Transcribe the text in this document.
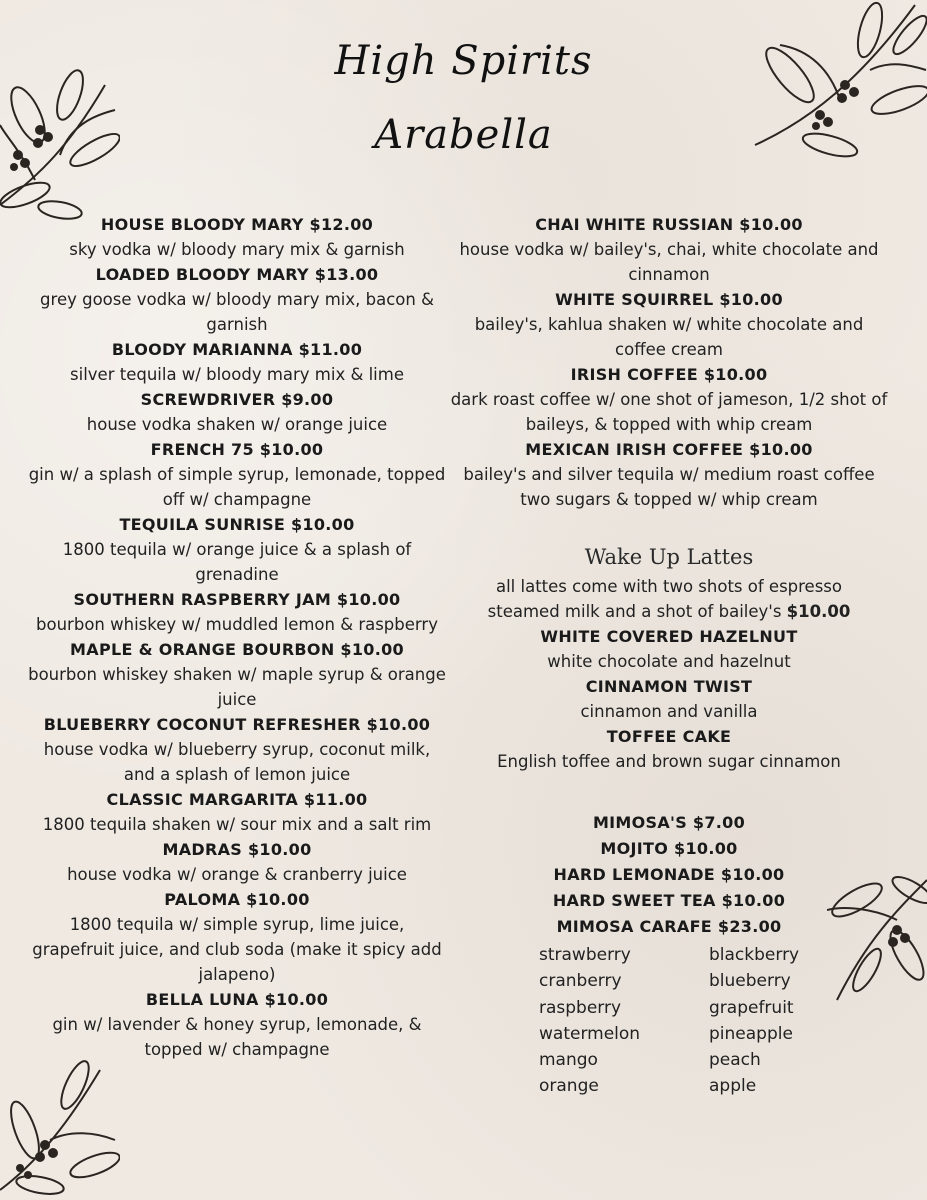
High Spirits
Arabella
HOUSE BLOODY MARY $12.00
sky vodka w/ bloody mary mix & garnish
LOADED BLOODY MARY $13.00
grey goose vodka w/ bloody mary mix, bacon & garnish
BLOODY MARIANNA $11.00
silver tequila w/ bloody mary mix & lime
SCREWDRIVER $9.00
house vodka shaken w/ orange juice
FRENCH 75 $10.00
gin w/ a splash of simple syrup, lemonade, topped off w/ champagne
TEQUILA SUNRISE $10.00
1800 tequila w/ orange juice & a splash of grenadine
SOUTHERN RASPBERRY JAM $10.00
bourbon whiskey w/ muddled lemon & raspberry
MAPLE & ORANGE BOURBON $10.00
bourbon whiskey shaken w/ maple syrup & orange juice
BLUEBERRY COCONUT REFRESHER $10.00
house vodka w/ blueberry syrup, coconut milk, and a splash of lemon juice
CLASSIC MARGARITA $11.00
1800 tequila shaken w/ sour mix and a salt rim
MADRAS $10.00
house vodka w/ orange & cranberry juice
PALOMA $10.00
1800 tequila w/ simple syrup, lime juice, grapefruit juice, and club soda (make it spicy add jalapeno)
BELLA LUNA $10.00
gin w/ lavender & honey syrup, lemonade, & topped w/ champagne
CHAI WHITE RUSSIAN $10.00
house vodka w/ bailey's, chai, white chocolate and cinnamon
WHITE SQUIRREL $10.00
bailey's, kahlua shaken w/ white chocolate and coffee cream
IRISH COFFEE $10.00
dark roast coffee w/ one shot of jameson, 1/2 shot of baileys, & topped with whip cream
MEXICAN IRISH COFFEE $10.00
bailey's and silver tequila w/ medium roast coffee two sugars & topped w/ whip cream
Wake Up Lattes
all lattes come with two shots of espresso
steamed milk and a shot of bailey's $10.00
WHITE COVERED HAZELNUT
white chocolate and hazelnut
CINNAMON TWIST
cinnamon and vanilla
TOFFEE CAKE
English toffee and brown sugar cinnamon
MIMOSA'S $7.00
MOJITO $10.00
HARD LEMONADE $10.00
HARD SWEET TEA $10.00
MIMOSA CARAFE $23.00
strawberry	blackberry
cranberry	blueberry
raspberry	grapefruit
watermelon	pineapple
mango	peach
orange	apple
